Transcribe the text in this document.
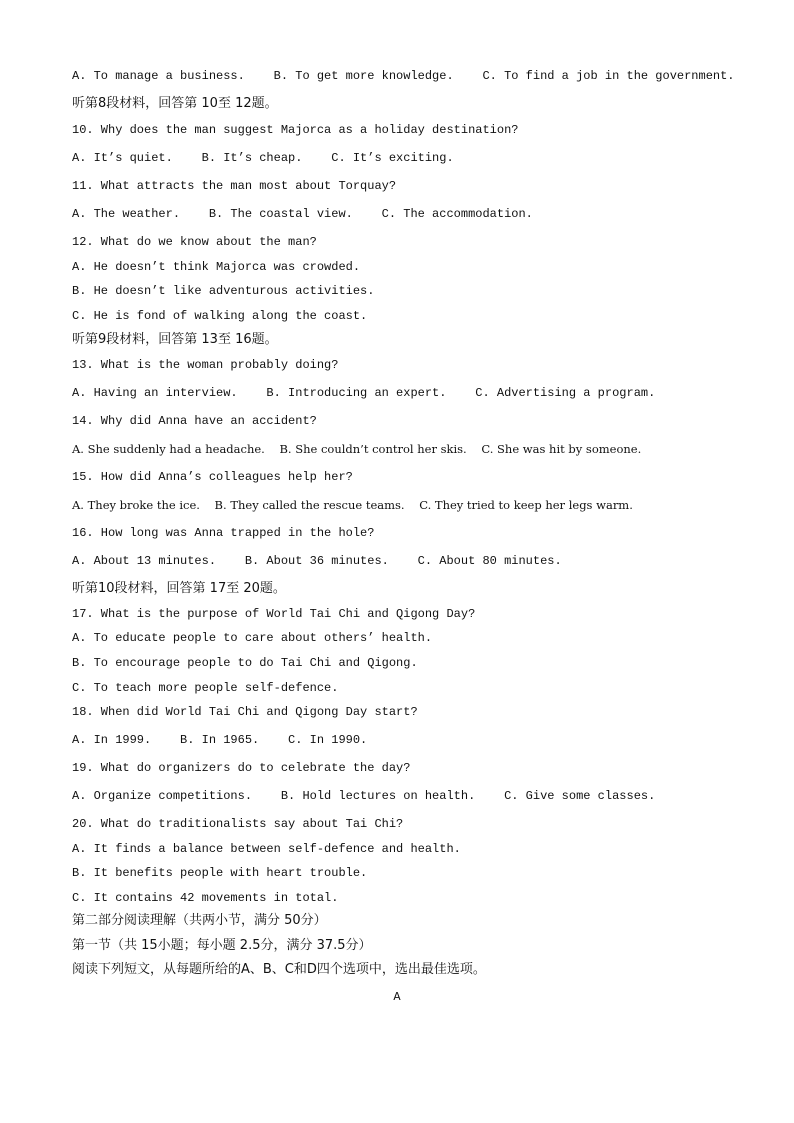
A. To manage a business.    B. To get more knowledge.    C. To find a job in the government.
听第8段材料，回答第 10至 12题。
10. Why does the man suggest Majorca as a holiday destination?
A. It’s quiet.    B. It’s cheap.    C. It’s exciting.
11. What attracts the man most about Torquay?
A. The weather.    B. The coastal view.    C. The accommodation.
12. What do we know about the man?
A. He doesn’t think Majorca was crowded.
B. He doesn’t like adventurous activities.
C. He is fond of walking along the coast.
听第9段材料，回答第 13至 16题。
13. What is the woman probably doing?
A. Having an interview.    B. Introducing an expert.    C. Advertising a program.
14. Why did Anna have an accident?
A. She suddenly had a headache.    B. She couldn’t control her skis.    C. She was hit by someone.
15. How did Anna’s colleagues help her?
A. They broke the ice.    B. They called the rescue teams.    C. They tried to keep her legs warm.
16. How long was Anna trapped in the hole?
A. About 13 minutes.    B. About 36 minutes.    C. About 80 minutes.
听第10段材料，回答第 17至 20题。
17. What is the purpose of World Tai Chi and Qigong Day?
A. To educate people to care about others’ health.
B. To encourage people to do Tai Chi and Qigong.
C. To teach more people self-defence.
18. When did World Tai Chi and Qigong Day start?
A. In 1999.    B. In 1965.    C. In 1990.
19. What do organizers do to celebrate the day?
A. Organize competitions.    B. Hold lectures on health.    C. Give some classes.
20. What do traditionalists say about Tai Chi?
A. It finds a balance between self-defence and health.
B. It benefits people with heart trouble.
C. It contains 42 movements in total.
第二部分阅读理解（共两小节，满分 50分）
第一节（共 15小题；每小题 2.5分，满分 37.5分）
阅读下列短文，从每题所给的A、B、C和D四个选项中，选出最佳选项。
A
